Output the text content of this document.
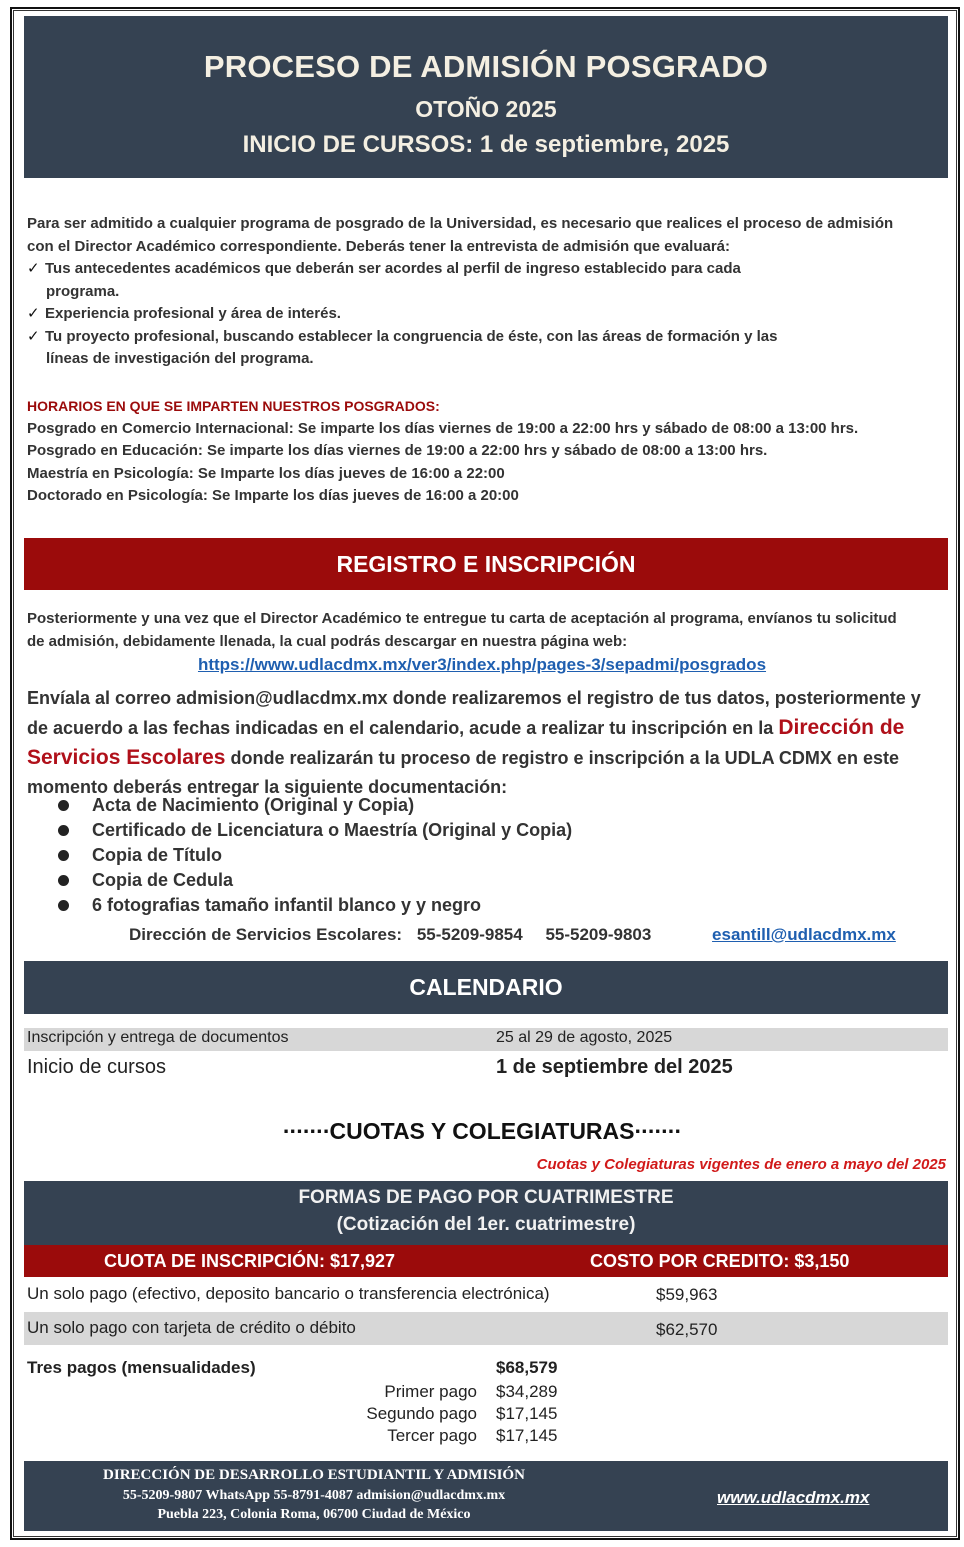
PROCESO DE ADMISIÓN POSGRADO
OTOÑO 2025
INICIO DE CURSOS: 1 de septiembre, 2025
Para ser admitido a cualquier programa de posgrado de la Universidad, es necesario que realices el proceso de admisión
con el Director Académico correspondiente. Deberás tener la entrevista de admisión que evaluará:
✓ Tus antecedentes académicos que deberán ser acordes al perfil de ingreso establecido para cada
programa.
✓ Experiencia profesional y área de interés.
✓ Tu proyecto profesional, buscando establecer la congruencia de éste, con las áreas de formación y las
líneas de investigación del programa.
HORARIOS EN QUE SE IMPARTEN NUESTROS POSGRADOS:
Posgrado en Comercio Internacional: Se imparte los días viernes de 19:00 a 22:00 hrs y sábado de 08:00 a 13:00 hrs.
Posgrado en Educación: Se imparte los días viernes de 19:00 a 22:00 hrs y sábado de 08:00 a 13:00 hrs.
Maestría en Psicología: Se Imparte los días jueves de 16:00 a 22:00
Doctorado en Psicología: Se Imparte los días jueves de 16:00 a 20:00
REGISTRO E INSCRIPCIÓN
Posteriormente y una vez que el Director Académico te entregue tu carta de aceptación al programa, envíanos tu solicitud
de admisión, debidamente llenada, la cual podrás descargar en nuestra página web:
https://www.udlacdmx.mx/ver3/index.php/pages-3/sepadmi/posgrados
Envíala al correo admision@udlacdmx.mx donde realizaremos el registro de tus datos, posteriormente y de acuerdo a las fechas indicadas en el calendario, acude a realizar tu inscripción en la Dirección de Servicios Escolares donde realizarán tu proceso de registro e inscripción a la UDLA CDMX en este momento deberás entregar la siguiente documentación:
Acta de Nacimiento (Original y Copia)
Certificado de Licenciatura o Maestría (Original y Copia)
Copia de Título
Copia de Cedula
6 fotografias tamaño infantil blanco y y negro
Dirección de Servicios Escolares: 55-5209-9854 55-5209-9803	esantill@udlacdmx.mx
CALENDARIO
Inscripción y entrega de documentos	25 al 29 de agosto, 2025
Inicio de cursos	1 de septiembre del 2025
·······CUOTAS Y COLEGIATURAS·······
Cuotas y Colegiaturas vigentes de enero a mayo del 2025
FORMAS DE PAGO POR CUATRIMESTRE
(Cotización del 1er. cuatrimestre)
CUOTA DE INSCRIPCIÓN: $17,927	COSTO POR CREDITO: $3,150
Un solo pago (efectivo, deposito bancario o transferencia electrónica)	$59,963
Un solo pago con tarjeta de crédito o débito	$62,570
Tres pagos (mensualidades)	$68,579
Primer pago $34,289
Segundo pago $17,145
Tercer pago $17,145
DIRECCIÓN DE DESARROLLO ESTUDIANTIL Y ADMISIÓN
55-5209-9807 WhatsApp 55-8791-4087 admision@udlacdmx.mx
Puebla 223, Colonia Roma, 06700 Ciudad de México
www.udlacdmx.mx
